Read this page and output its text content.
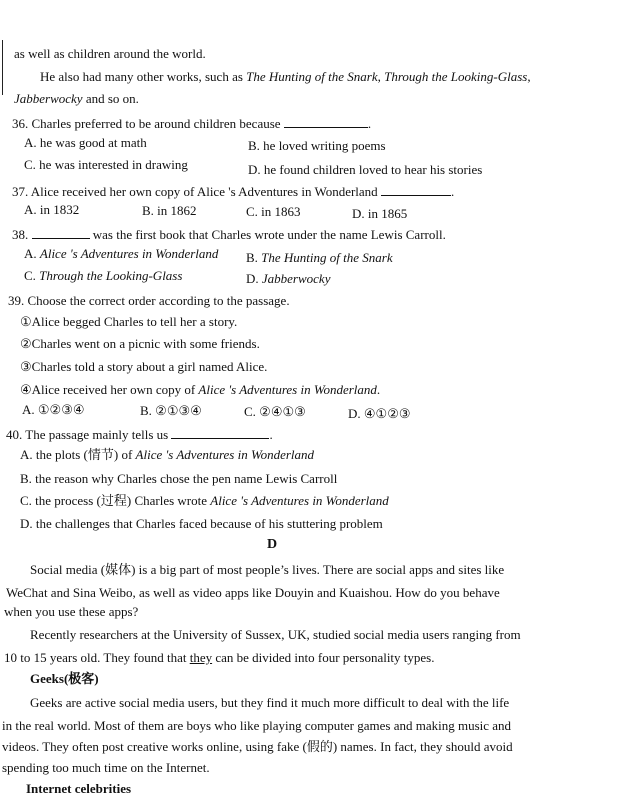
as well as children around the world.
He also had many other works, such as The Hunting of the Snark, Through the Looking-Glass,
Jabberwocky and so on.
36. Charles preferred to be around children because	.
A. he was good at math	B. he loved writing poems
C. he was interested in drawing	D. he found children loved to hear his stories
37. Alice received her own copy of Alice 's Adventures in Wonderland	.
A. in 1832	B. in 1862	C. in 1863	D. in 1865
38.	was the first book that Charles wrote under the name Lewis Carroll.
A. Alice 's Adventures in Wonderland B. The Hunting of the Snark
C. Through the Looking-Glass	D. Jabberwocky
39. Choose the correct order according to the passage.
①Alice begged Charles to tell her a story.
②Charles went on a picnic with some friends.
③Charles told a story about a girl named Alice.
④Alice received her own copy of Alice 's Adventures in Wonderland.
A. ①②③④	B. ②①③④	C. ②④①③	D. ④①②③
40. The passage mainly tells us	.
A. the plots (情节) of Alice 's Adventures in Wonderland
B. the reason why Charles chose the pen name Lewis Carroll
C. the process (过程) Charles wrote Alice 's Adventures in Wonderland
D. the challenges that Charles faced because of his stuttering problem
D
Social media (媒体) is a big part of most people’s lives. There are social apps and sites like
WeChat and Sina Weibo, as well as video apps like Douyin and Kuaishou. How do you behave
when you use these apps?
Recently researchers at the University of Sussex, UK, studied social media users ranging from
10 to 15 years old. They found that they can be divided into four personality types.
Geeks(极客)
Geeks are active social media users, but they find it much more difficult to deal with the life
in the real world. Most of them are boys who like playing computer games and making music and
videos. They often post creative works online, using fake (假的) names. In fact, they should avoid
spending too much time on the Internet.
Internet celebrities
